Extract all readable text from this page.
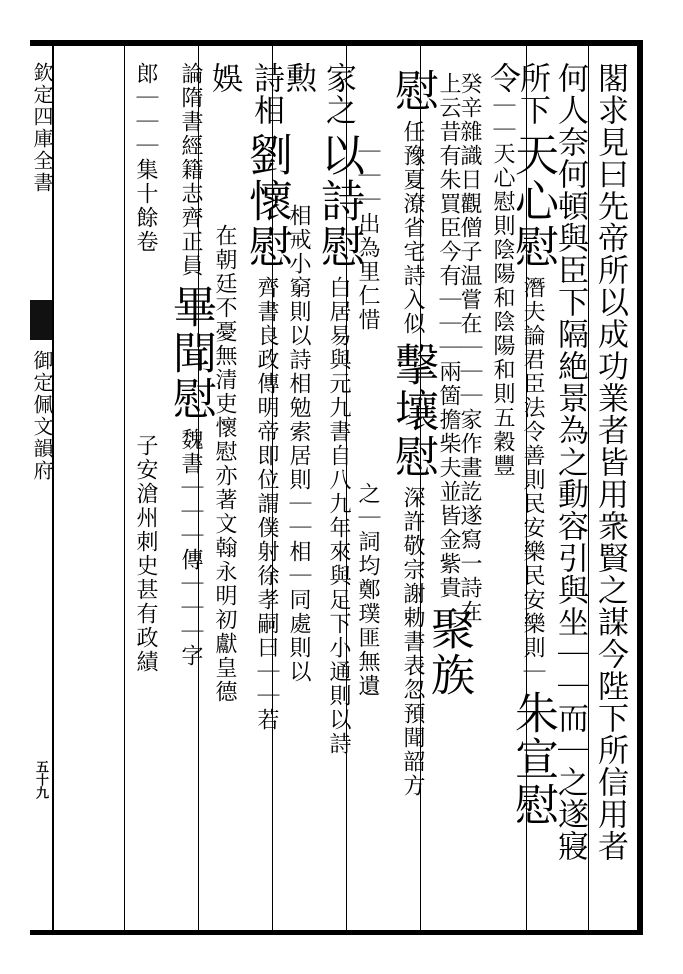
欽定四庫全書
御定佩文韻府
五十九	閣求見曰先帝所以成功業者皆用衆賢之謀今陛下所信用者
何人奈何頓與臣下隔絶景為之動容引與坐｜｜而｜之遂寢
所下天心慰潛夫論君臣法令善則民安樂民安樂則｜朱宣慰
令｜｜天心慰則陰陽和陰陽和則五穀豐
癸辛雜識日觀僧子温嘗在｜｜｜家作畫訖遂寫一詩在
上云昔有朱買臣今有｜｜｜兩箇擔柴夫並皆金紫貴聚族
慰任豫夏潦省宅詩入似擊壤慰深許敬宗謝勅書表忽預聞韶方
｜｜｜出為里仁惜之｜詞均鄭璞匪無遺
家之以詩慰白居易與元九書自八九年來與足下小通則以詩
勲相戒小窮則以詩相勉索居則｜｜相｜同處則以
詩相劉懷慰齊書良政傳明帝即位謂僕射徐孝嗣曰｜｜若
娛在朝廷不憂無清吏懷慰亦著文翰永明初獻皇德
論隋書經籍志齊正員畢聞慰魏書｜｜｜傳｜｜｜字
郎｜｜｜集十餘卷子安滄州刺史甚有政績
